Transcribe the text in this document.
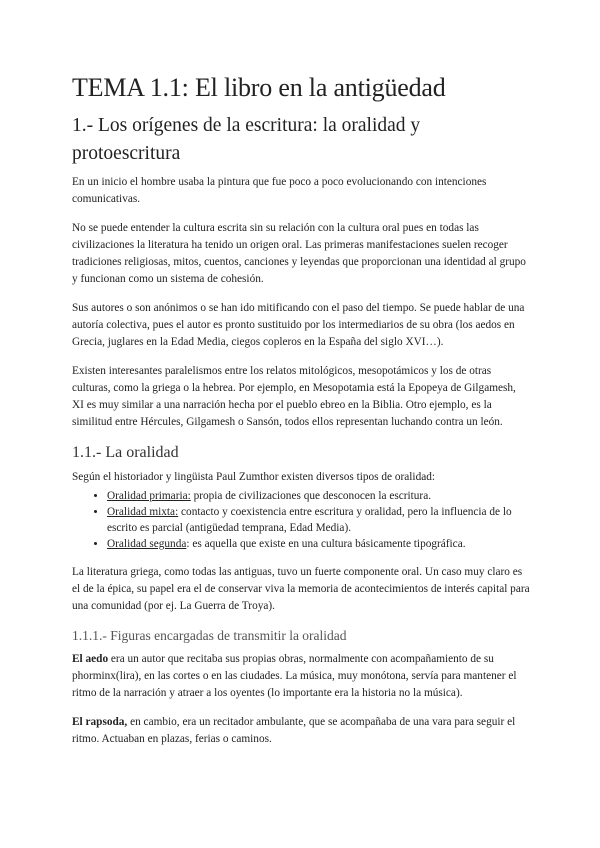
TEMA 1.1: El libro en la antigüedad
1.- Los orígenes de la escritura: la oralidad y protoescritura

En un inicio el hombre usaba la pintura que fue poco a poco evolucionando con intenciones comunicativas.

No se puede entender la cultura escrita sin su relación con la cultura oral pues en todas las civilizaciones la literatura ha tenido un origen oral. Las primeras manifestaciones suelen recoger tradiciones religiosas, mitos, cuentos, canciones y leyendas que proporcionan una identidad al grupo y funcionan como un sistema de cohesión.

Sus autores o son anónimos o se han ido mitificando con el paso del tiempo. Se puede hablar de una autoría colectiva, pues el autor es pronto sustituido por los intermediarios de su obra (los aedos en Grecia, juglares en la Edad Media, ciegos copleros en la España del siglo XVI…).

Existen interesantes paralelismos entre los relatos mitológicos, mesopotámicos y los de otras culturas, como la griega o la hebrea. Por ejemplo, en Mesopotamia está la Epopeya de Gilgamesh, XI es muy similar a una narración hecha por el pueblo ebreo en la Biblia. Otro ejemplo, es la similitud entre Hércules, Gilgamesh o Sansón, todos ellos representan luchando contra un león.

1.1.- La oralidad

Según el historiador y lingüista Paul Zumthor existen diversos tipos de oralidad:

• Oralidad primaria: propia de civilizaciones que desconocen la escritura.
• Oralidad mixta: contacto y coexistencia entre escritura y oralidad, pero la influencia de lo escrito es parcial (antigüedad temprana, Edad Media).
• Oralidad segunda: es aquella que existe en una cultura básicamente tipográfica.

La literatura griega, como todas las antiguas, tuvo un fuerte componente oral. Un caso muy claro es el de la épica, su papel era el de conservar viva la memoria de acontecimientos de interés capital para una comunidad (por ej. La Guerra de Troya).

1.1.1.- Figuras encargadas de transmitir la oralidad

El aedo era un autor que recitaba sus propias obras, normalmente con acompañamiento de su phorminx(lira), en las cortes o en las ciudades. La música, muy monótona, servía para mantener el ritmo de la narración y atraer a los oyentes (lo importante era la historia no la música).

El rapsoda, en cambio, era un recitador ambulante, que se acompañaba de una vara para seguir el ritmo. Actuaban en plazas, ferias o caminos.
